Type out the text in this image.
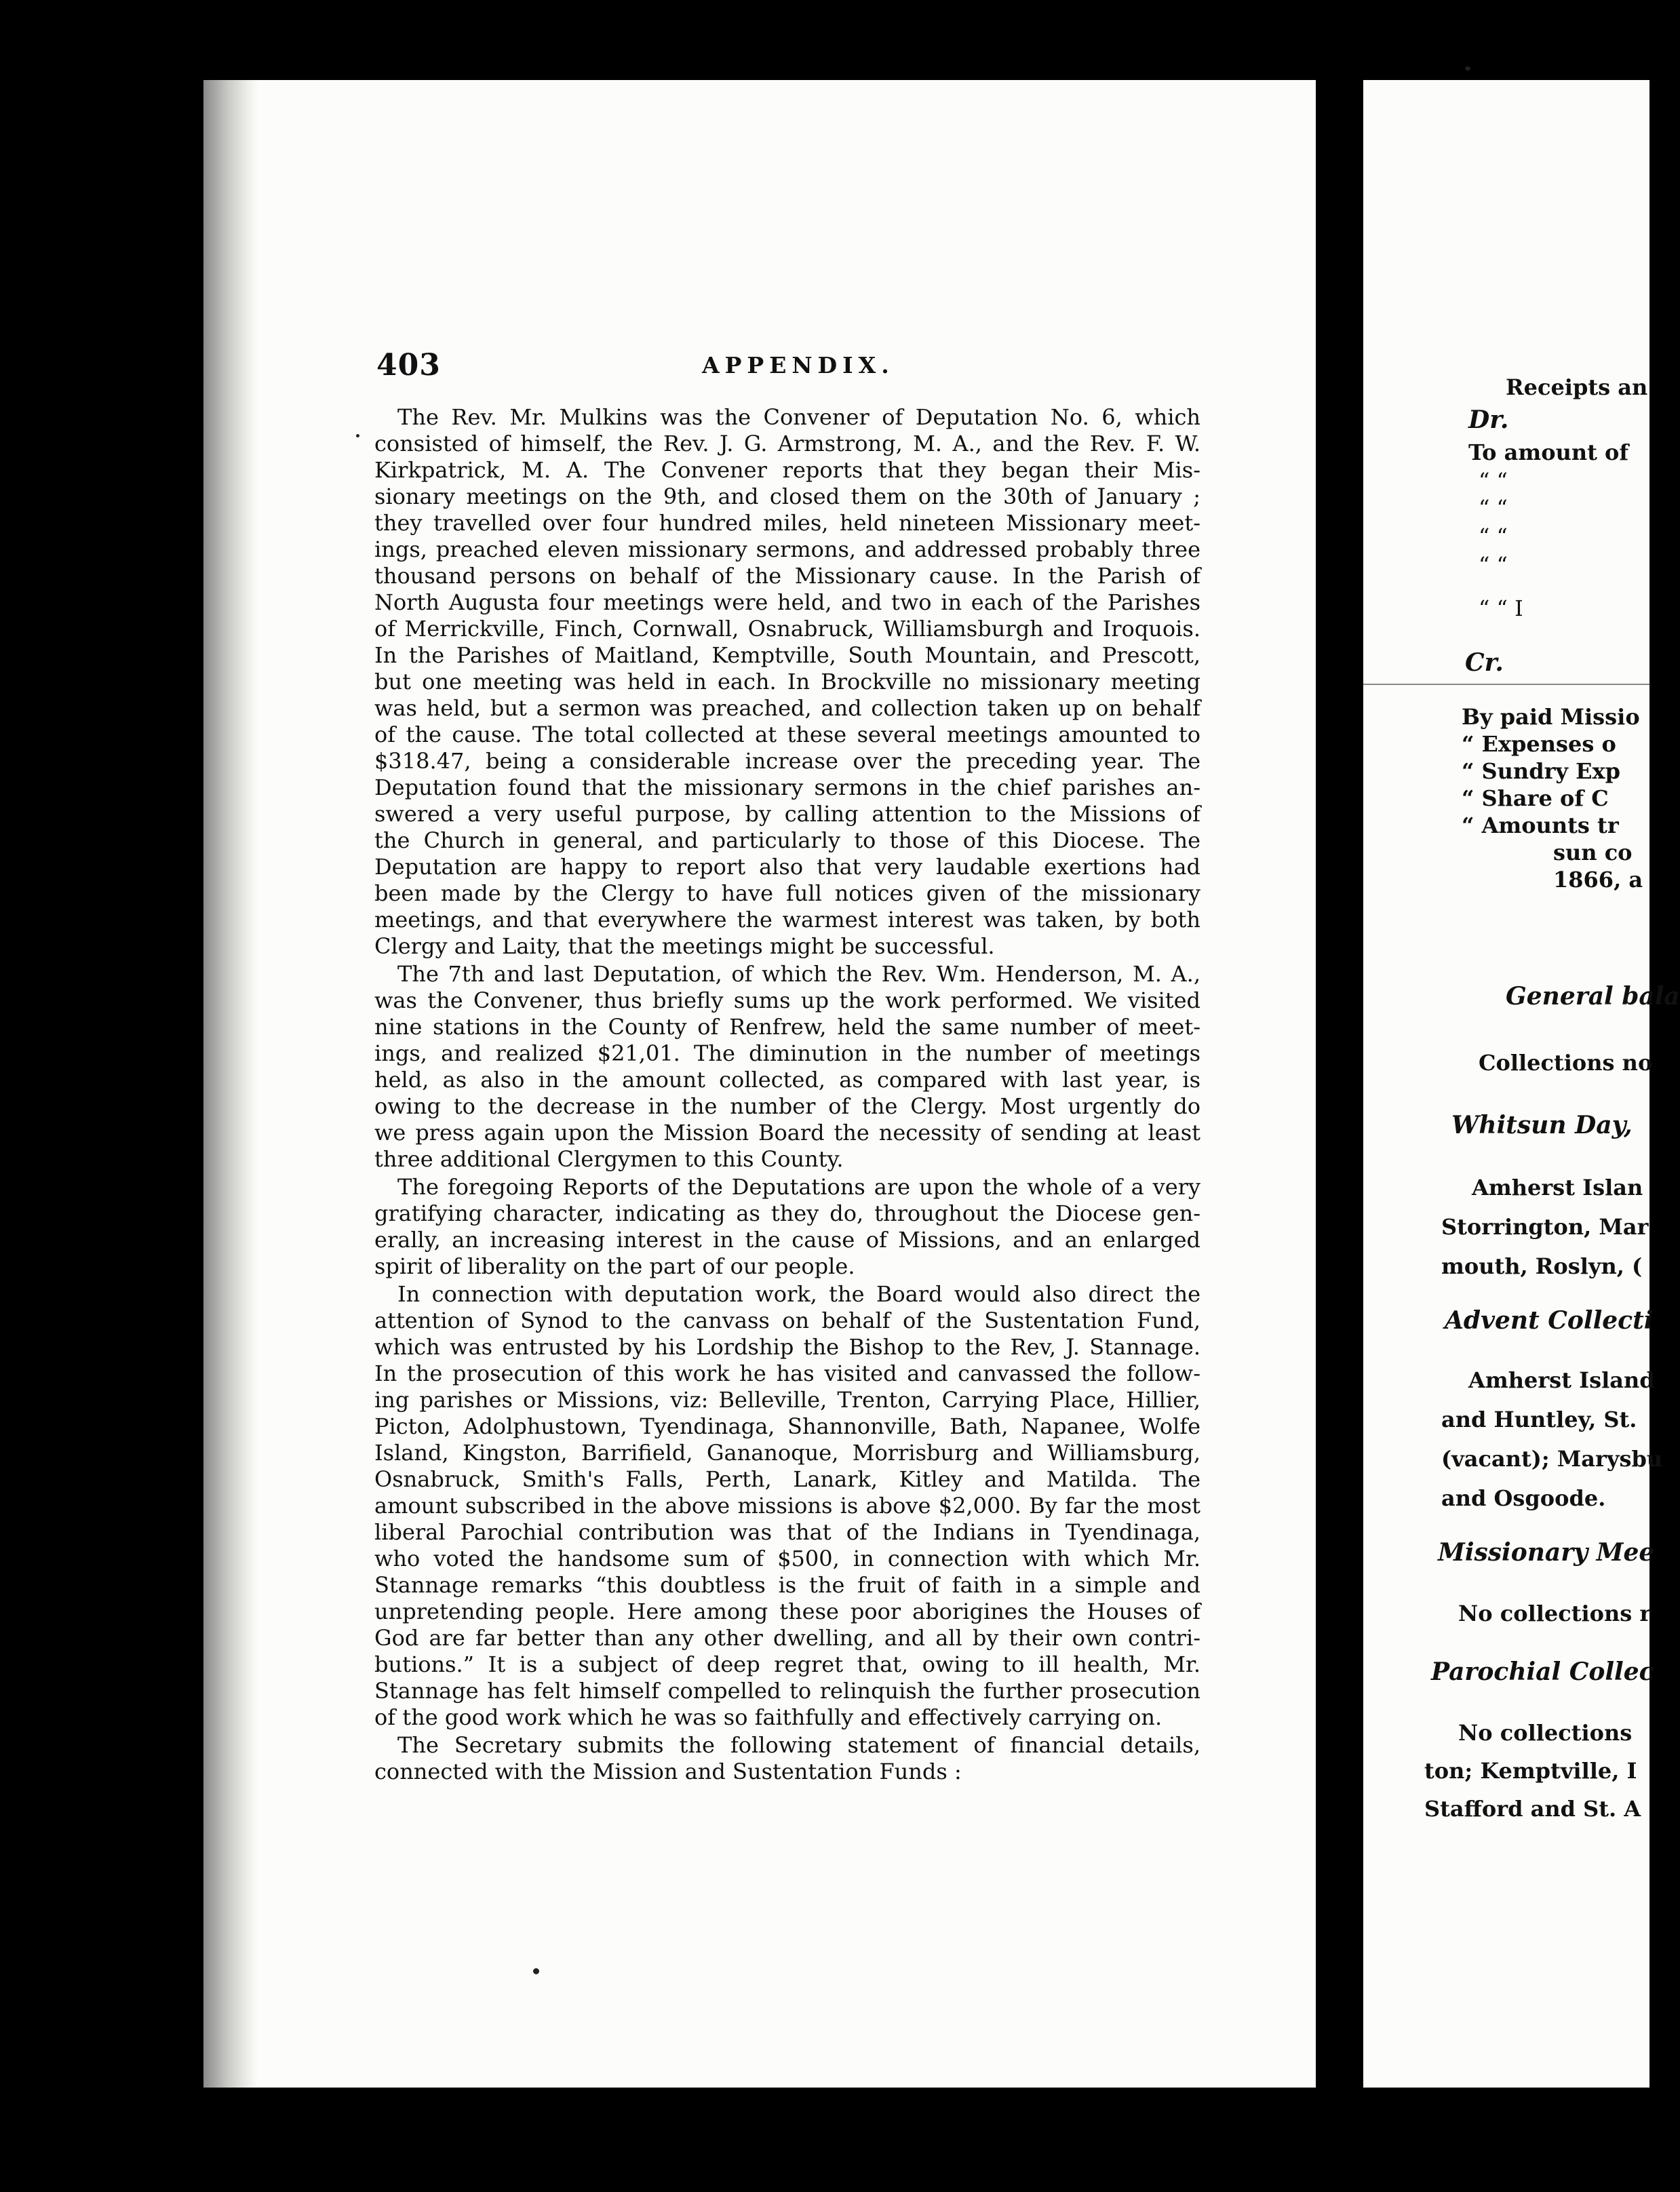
403	APPENDIX.
The Rev. Mr. Mulkins was the Convener of Deputation No. 6, which
consisted of himself, the Rev. J. G. Armstrong, M. A., and the Rev. F. W.
Kirkpatrick, M. A. The Convener reports that they began their Mis-
sionary meetings on the 9th, and closed them on the 30th of January ;
they travelled over four hundred miles, held nineteen Missionary meet-
ings, preached eleven missionary sermons, and addressed probably three
thousand persons on behalf of the Missionary cause. In the Parish of
North Augusta four meetings were held, and two in each of the Parishes
of Merrickville, Finch, Cornwall, Osnabruck, Williamsburgh and Iroquois.
In the Parishes of Maitland, Kemptville, South Mountain, and Prescott,
but one meeting was held in each. In Brockville no missionary meeting
was held, but a sermon was preached, and collection taken up on behalf
of the cause. The total collected at these several meetings amounted to
$318.47, being a considerable increase over the preceding year. The
Deputation found that the missionary sermons in the chief parishes an-
swered a very useful purpose, by calling attention to the Missions of
the Church in general, and particularly to those of this Diocese. The
Deputation are happy to report also that very laudable exertions had
been made by the Clergy to have full notices given of the missionary
meetings, and that everywhere the warmest interest was taken, by both
Clergy and Laity, that the meetings might be successful.
The 7th and last Deputation, of which the Rev. Wm. Henderson, M. A.,
was the Convener, thus briefly sums up the work performed. We visited
nine stations in the County of Renfrew, held the same number of meet-
ings, and realized $21,01. The diminution in the number of meetings
held, as also in the amount collected, as compared with last year, is
owing to the decrease in the number of the Clergy. Most urgently do
we press again upon the Mission Board the necessity of sending at least
three additional Clergymen to this County.
The foregoing Reports of the Deputations are upon the whole of a very
gratifying character, indicating as they do, throughout the Diocese gen-
erally, an increasing interest in the cause of Missions, and an enlarged
spirit of liberality on the part of our people.
In connection with deputation work, the Board would also direct the
attention of Synod to the canvass on behalf of the Sustentation Fund,
which was entrusted by his Lordship the Bishop to the Rev, J. Stannage.
In the prosecution of this work he has visited and canvassed the follow-
ing parishes or Missions, viz: Belleville, Trenton, Carrying Place, Hillier,
Picton, Adolphustown, Tyendinaga, Shannonville, Bath, Napanee, Wolfe
Island, Kingston, Barrifield, Gananoque, Morrisburg and Williamsburg,
Osnabruck, Smith's Falls, Perth, Lanark, Kitley and Matilda. The
amount subscribed in the above missions is above $2,000. By far the most
liberal Parochial contribution was that of the Indians in Tyendinaga,
who voted the handsome sum of $500, in connection with which Mr.
Stannage remarks “this doubtless is the fruit of faith in a simple and
unpretending people. Here among these poor aborigines the Houses of
God are far better than any other dwelling, and all by their own contri-
butions.” It is a subject of deep regret that, owing to ill health, Mr.
Stannage has felt himself compelled to relinquish the further prosecution
of the good work which he was so faithfully and effectively carrying on.
The Secretary submits the following statement of financial details,
connected with the Mission and Sustentation Funds :
Receipts an
Dr.
To amount of
“ “
“ “
“ “
“ “
“ “ I
Cr.
By paid Missio
“ Expenses o
“ Sundry Exp
“ Share of C
“ Amounts tr
sun co
1866, a
General bala
Collections no
Whitsun Day,
Amherst Islan
Storrington, Mar
mouth, Roslyn, (
Advent Collecti
Amherst Island
and Huntley, St.
(vacant); Marysbu
and Osgoode.
Missionary Mee
No collections r
Parochial Collec
No collections
ton; Kemptville, I
Stafford and St. A
